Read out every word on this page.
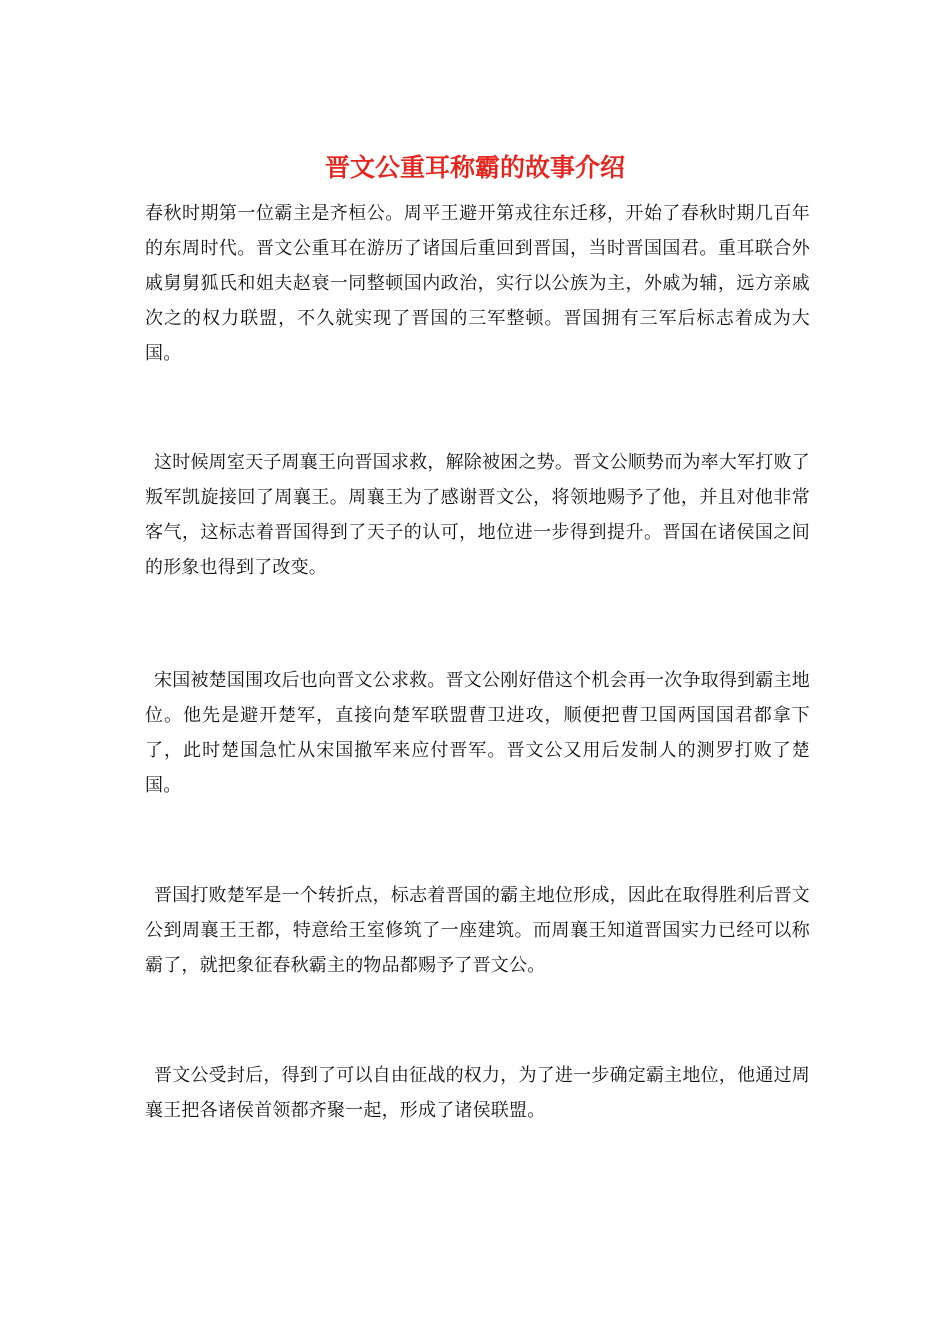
晋文公重耳称霸的故事介绍

春秋时期第一位霸主是齐桓公。周平王避开第戎往东迁移，开始了春秋时期几百年的东周时代。晋文公重耳在游历了诸国后重回到晋国，当时晋国国君。重耳联合外戚舅舅狐氏和姐夫赵衰一同整顿国内政治，实行以公族为主，外戚为辅，远方亲戚次之的权力联盟，不久就实现了晋国的三军整顿。晋国拥有三军后标志着成为大国。

这时候周室天子周襄王向晋国求救，解除被困之势。晋文公顺势而为率大军打败了叛军凯旋接回了周襄王。周襄王为了感谢晋文公，将领地赐予了他，并且对他非常客气，这标志着晋国得到了天子的认可，地位进一步得到提升。晋国在诸侯国之间的形象也得到了改变。

宋国被楚国围攻后也向晋文公求救。晋文公刚好借这个机会再一次争取得到霸主地位。他先是避开楚军，直接向楚军联盟曹卫进攻，顺便把曹卫国两国国君都拿下了，此时楚国急忙从宋国撤军来应付晋军。晋文公又用后发制人的测罗打败了楚国。

晋国打败楚军是一个转折点，标志着晋国的霸主地位形成，因此在取得胜利后晋文公到周襄王王都，特意给王室修筑了一座建筑。而周襄王知道晋国实力已经可以称霸了，就把象征春秋霸主的物品都赐予了晋文公。

晋文公受封后，得到了可以自由征战的权力，为了进一步确定霸主地位，他通过周襄王把各诸侯首领都齐聚一起，形成了诸侯联盟。
